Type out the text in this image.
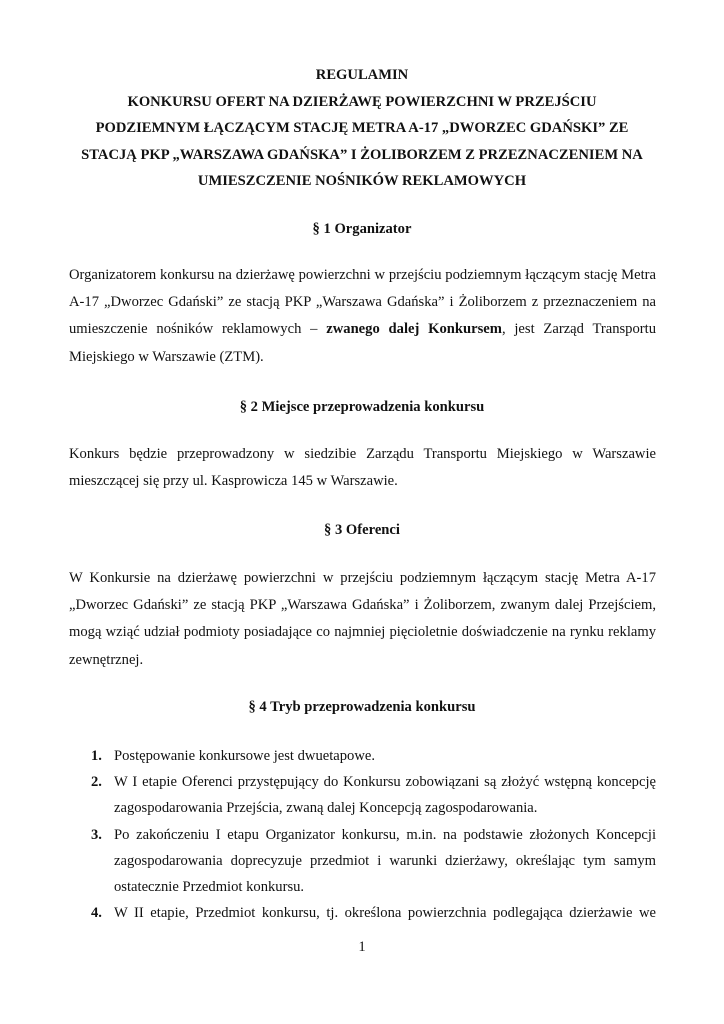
REGULAMIN
KONKURSU OFERT NA DZIERŻAWĘ POWIERZCHNI W PRZEJŚCIU
PODZIEMNYM ŁĄCZĄCYM STACJĘ METRA A-17 „DWORZEC GDAŃSKI” ZE
STACJĄ PKP „WARSZAWA GDAŃSKA” I ŻOLIBORZEM Z PRZEZNACZENIEM NA
UMIESZCZENIE NOŚNIKÓW REKLAMOWYCH
§ 1 Organizator
Organizatorem konkursu na dzierżawę powierzchni w przejściu podziemnym łączącym stację Metra
A-17 „Dworzec Gdański” ze stacją PKP „Warszawa Gdańska” i Żoliborzem z przeznaczeniem na
umieszczenie nośników reklamowych – zwanego dalej Konkursem, jest Zarząd Transportu
Miejskiego w Warszawie (ZTM).
§ 2 Miejsce przeprowadzenia konkursu
Konkurs będzie przeprowadzony w siedzibie Zarządu Transportu Miejskiego w Warszawie
mieszczącej się przy ul. Kasprowicza 145 w Warszawie.
§ 3 Oferenci
W Konkursie na dzierżawę powierzchni w przejściu podziemnym łączącym stację Metra A-17
„Dworzec Gdański” ze stacją PKP „Warszawa Gdańska” i Żoliborzem, zwanym dalej Przejściem,
mogą wziąć udział podmioty posiadające co najmniej pięcioletnie doświadczenie na rynku reklamy
zewnętrznej.
§ 4 Tryb przeprowadzenia konkursu
1. Postępowanie konkursowe jest dwuetapowe.
2. W I etapie Oferenci przystępujący do Konkursu zobowiązani są złożyć wstępną koncepcję
zagospodarowania Przejścia, zwaną dalej Koncepcją zagospodarowania.
3. Po zakończeniu I etapu Organizator konkursu, m.in. na podstawie złożonych Koncepcji
zagospodarowania doprecyzuje przedmiot i warunki dzierżawy, określając tym samym
ostatecznie Przedmiot konkursu.
4. W II etapie, Przedmiot konkursu, tj. określona powierzchnia podlegająca dzierżawie we
1
